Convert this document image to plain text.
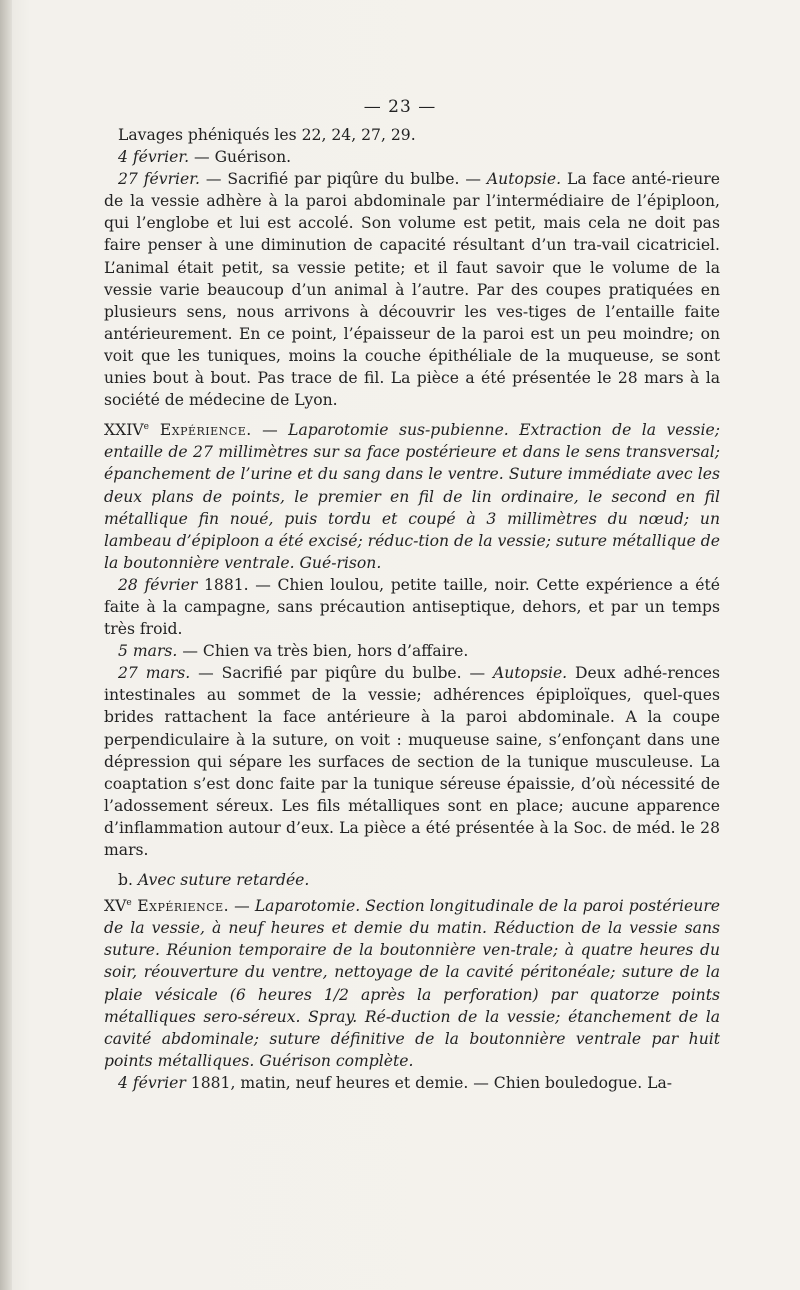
— 23 —

Lavages phéniqués les 22, 24, 27, 29.

4 février. — Guérison.

27 février. — Sacrifié par piqûre du bulbe. — Autopsie. La face anté-rieure de la vessie adhère à la paroi abdominale par l’intermédiaire de l’épiploon, qui l’englobe et lui est accolé. Son volume est petit, mais cela ne doit pas faire penser à une diminution de capacité résultant d’un tra-vail cicatriciel. L’animal était petit, sa vessie petite; et il faut savoir que le volume de la vessie varie beaucoup d’un animal à l’autre. Par des coupes pratiquées en plusieurs sens, nous arrivons à découvrir les ves-tiges de l’entaille faite antérieurement. En ce point, l’épaisseur de la paroi est un peu moindre; on voit que les tuniques, moins la couche épithéliale de la muqueuse, se sont unies bout à bout. Pas trace de fil. La pièce a été présentée le 28 mars à la société de médecine de Lyon.

XXIVe Expérience. — Laparotomie sus-pubienne. Extraction de la vessie; entaille de 27 millimètres sur sa face postérieure et dans le sens transversal; épanchement de l’urine et du sang dans le ventre. Suture immédiate avec les deux plans de points, le premier en fil de lin ordinaire, le second en fil métallique fin noué, puis tordu et coupé à 3 millimètres du nœud; un lambeau d’épiploon a été excisé; réduc-tion de la vessie; suture métallique de la boutonnière ventrale. Gué-rison.

28 février 1881. — Chien loulou, petite taille, noir. Cette expérience a été faite à la campagne, sans précaution antiseptique, dehors, et par un temps très froid.

5 mars. — Chien va très bien, hors d’affaire.

27 mars. — Sacrifié par piqûre du bulbe. — Autopsie. Deux adhé-rences intestinales au sommet de la vessie; adhérences épiploïques, quel-ques brides rattachent la face antérieure à la paroi abdominale. A la coupe perpendiculaire à la suture, on voit : muqueuse saine, s’enfonçant dans une dépression qui sépare les surfaces de section de la tunique musculeuse. La coaptation s’est donc faite par la tunique séreuse épaissie, d’où nécessité de l’adossement séreux. Les fils métalliques sont en place; aucune apparence d’inflammation autour d’eux. La pièce a été présentée à la Soc. de méd. le 28 mars.

b. Avec suture retardée.

XVe Expérience. — Laparotomie. Section longitudinale de la paroi postérieure de la vessie, à neuf heures et demie du matin. Réduction de la vessie sans suture. Réunion temporaire de la boutonnière ven-trale; à quatre heures du soir, réouverture du ventre, nettoyage de la cavité péritonéale; suture de la plaie vésicale (6 heures 1/2 après la perforation) par quatorze points métalliques sero-séreux. Spray. Ré-duction de la vessie; étanchement de la cavité abdominale; suture définitive de la boutonnière ventrale par huit points métalliques. Guérison complète.

4 février 1881, matin, neuf heures et demie. — Chien bouledogue. La-
